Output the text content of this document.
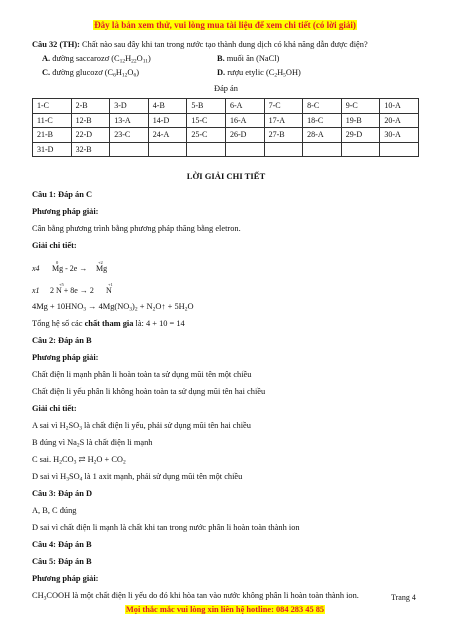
Đây là bản xem thử, vui lòng mua tài liệu để xem chi tiết (có lời giải)

Câu 32 (TH): Chất nào sau đây khi tan trong nước tạo thành dung dịch có khả năng dẫn được điện?

A. đường saccarozơ $(C_{12}H_{22}O_{11})$	B. muối ăn (NaCl)
C. đường glucozơ $(C_6H_{12}O_6)$	D. rượu etylic $(C_2H_5OH)$
Đáp án
1-C	2-B	3-D	4-B	5-B	6-A	7-C	8-C	9-C	10-A
11-C	12-B	13-A	14-D	15-C	16-A	17-A	18-C	19-B	20-A
21-B	22-D	23-C	24-A	25-C	26-D	27-B	28-A	29-D	30-A
31-D	32-B								
LỜI GIẢI CHI TIẾT
Câu 1: Đáp án C
Phương pháp giải:
Cân bằng phương trình bằng phương pháp thăng bằng eletron.
Giải chi tiết:
x4
0
Mg - 2e →
+2
Mg
x1
+5
2 N + 8e → 2
+1
N
$4Mg + 10HNO_3 \to 4Mg(NO_3)_2$ + $N_2O↑ + 5H_2O$
Tổng hệ số các chất tham gia là: 4 + 10 = 14
Câu 2: Đáp án B
Phương pháp giải:
Chất điện li mạnh phân li hoàn toàn ta sử dụng mũi tên một chiều
Chất điện li yếu phân li không hoàn toàn ta sử dụng mũi tên hai chiều
Giải chi tiết:
A sai vì $H_2SO_3$ là chất điện li yếu, phải sử dụng mũi tên hai chiều
B đúng vì $Na_2S$ là chất điện li mạnh
C sai. $H_2CO_3$ ⇄ $H_2O + CO_2$
D sai vì $H_3SO_4$ là 1 axit mạnh, phải sử dụng mũi tên một chiều
Câu 3: Đáp án D
A, B, C đúng
D sai vì chất điện li mạnh là chất khi tan trong nước phân li hoàn toàn thành ion
Câu 4: Đáp án B
Câu 5: Đáp án B
Phương pháp giải:
$CH_3COOH$ là một chất điện li yếu do đó khi hòa tan vào nước không phân li hoàn toàn thành ion.	Trang 4
Mọi thắc mắc vui lòng xin liên hệ hotline: 084 283 45 85
